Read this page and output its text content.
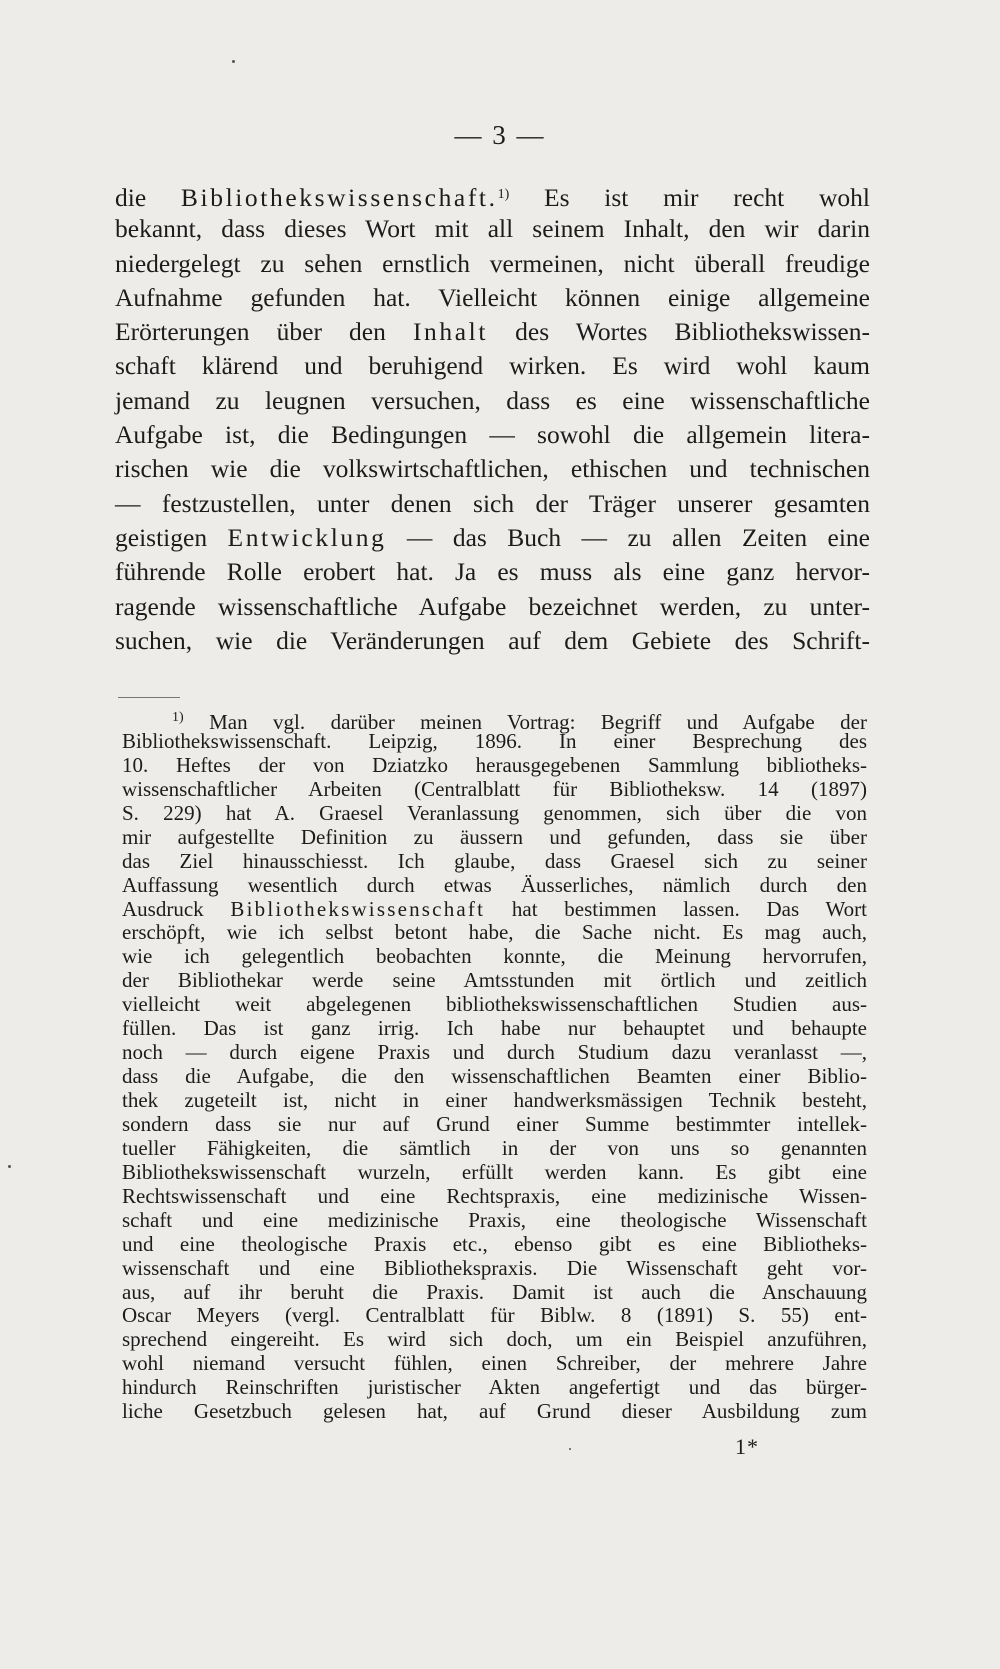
— 3 —
die Bibliothekswissenschaft.$^{1)}$ Es ist mir recht wohl
bekannt, dass dieses Wort mit all seinem Inhalt, den wir darin
niedergelegt zu sehen ernstlich vermeinen, nicht überall freudige
Aufnahme gefunden hat. Vielleicht können einige allgemeine
Erörterungen über den Inhalt des Wortes Bibliothekswissen-
schaft klärend und beruhigend wirken. Es wird wohl kaum
jemand zu leugnen versuchen, dass es eine wissenschaftliche
Aufgabe ist, die Bedingungen — sowohl die allgemein litera-
rischen wie die volkswirtschaftlichen, ethischen und technischen
— festzustellen, unter denen sich der Träger unserer gesamten
geistigen Entwicklung — das Buch — zu allen Zeiten eine
führende Rolle erobert hat. Ja es muss als eine ganz hervor-
ragende wissenschaftliche Aufgabe bezeichnet werden, zu unter-
suchen, wie die Veränderungen auf dem Gebiete des Schrift-
$^{1)}$ Man vgl. darüber meinen Vortrag: Begriff und Aufgabe der
Bibliothekswissenschaft. Leipzig, 1896. In einer Besprechung des
10. Heftes der von Dziatzko herausgegebenen Sammlung bibliotheks-
wissenschaftlicher Arbeiten (Centralblatt für Bibliotheksw. 14 (1897)
S. 229) hat A. Graesel Veranlassung genommen, sich über die von
mir aufgestellte Definition zu äussern und gefunden, dass sie über
das Ziel hinausschiesst. Ich glaube, dass Graesel sich zu seiner
Auffassung wesentlich durch etwas Äusserliches, nämlich durch den
Ausdruck Bibliothekswissenschaft hat bestimmen lassen. Das Wort
erschöpft, wie ich selbst betont habe, die Sache nicht. Es mag auch,
wie ich gelegentlich beobachten konnte, die Meinung hervorrufen,
der Bibliothekar werde seine Amtsstunden mit örtlich und zeitlich
vielleicht weit abgelegenen bibliothekswissenschaftlichen Studien aus-
füllen. Das ist ganz irrig. Ich habe nur behauptet und behaupte
noch — durch eigene Praxis und durch Studium dazu veranlasst —,
dass die Aufgabe, die den wissenschaftlichen Beamten einer Biblio-
thek zugeteilt ist, nicht in einer handwerksmässigen Technik besteht,
sondern dass sie nur auf Grund einer Summe bestimmter intellek-
tueller Fähigkeiten, die sämtlich in der von uns so genannten
Bibliothekswissenschaft wurzeln, erfüllt werden kann. Es gibt eine
Rechtswissenschaft und eine Rechtspraxis, eine medizinische Wissen-
schaft und eine medizinische Praxis, eine theologische Wissenschaft
und eine theologische Praxis etc., ebenso gibt es eine Bibliotheks-
wissenschaft und eine Bibliothekspraxis. Die Wissenschaft geht vor-
aus, auf ihr beruht die Praxis. Damit ist auch die Anschauung
Oscar Meyers (vergl. Centralblatt für Biblw. 8 (1891) S. 55) ent-
sprechend eingereiht. Es wird sich doch, um ein Beispiel anzuführen,
wohl niemand versucht fühlen, einen Schreiber, der mehrere Jahre
hindurch Reinschriften juristischer Akten angefertigt und das bürger-
liche Gesetzbuch gelesen hat, auf Grund dieser Ausbildung zum
1*
